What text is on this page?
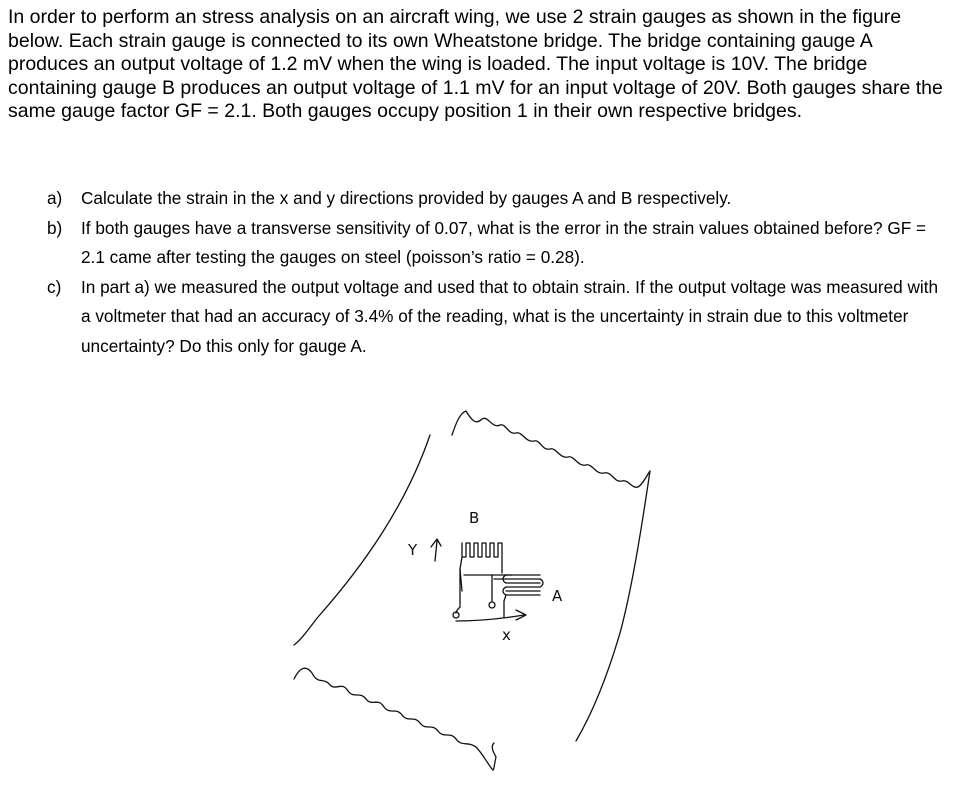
In order to perform an stress analysis on an aircraft wing, we use 2 strain gauges as shown in the figure below. Each strain gauge is connected to its own Wheatstone bridge. The bridge containing gauge A produces an output voltage of 1.2 mV when the wing is loaded. The input voltage is 10V. The bridge containing gauge B produces an output voltage of 1.1 mV for an input voltage of 20V. Both gauges share the same gauge factor GF = 2.1. Both gauges occupy position 1 in their own respective bridges.

a) Calculate the strain in the x and y directions provided by gauges A and B respectively.
b) If both gauges have a transverse sensitivity of 0.07, what is the error in the strain values obtained before? GF = 2.1 came after testing the gauges on steel (poisson’s ratio = 0.28).
c) In part a) we measured the output voltage and used that to obtain strain. If the output voltage was measured with a voltmeter that had an accuracy of 3.4% of the reading, what is the uncertainty in strain due to this voltmeter uncertainty? Do this only for gauge A.
B
A
Y
x
